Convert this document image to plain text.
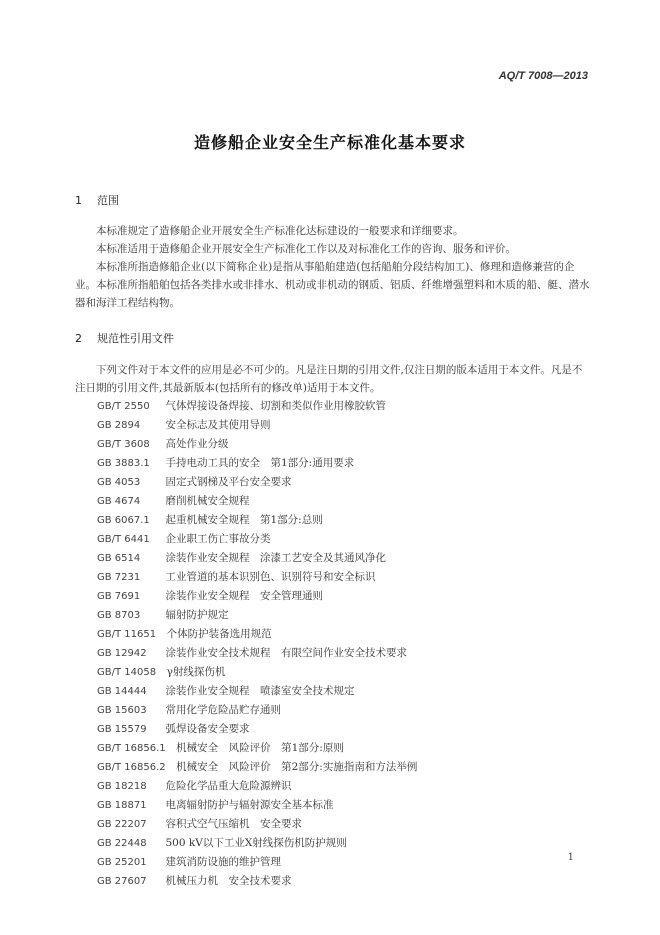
AQ/T 7008—2013
造修船企业安全生产标准化基本要求
1 范围

本标准规定了造修船企业开展安全生产标准化达标建设的一般要求和详细要求。

本标准适用于造修船企业开展安全生产标准化工作以及对标准化工作的咨询、服务和评价。

本标准所指造修船企业(以下简称企业)是指从事船舶建造(包括船舶分段结构加工)、修理和造修兼营的企业。本标准所指船舶包括各类排水或非排水、机动或非机动的钢质、铝质、纤维增强塑料和木质的船、艇、潜水器和海洋工程结构物。

2 规范性引用文件

下列文件对于本文件的应用是必不可少的。凡是注日期的引用文件,仅注日期的版本适用于本文件。凡是不注日期的引用文件,其最新版本(包括所有的修改单)适用于本文件。

GB/T 2550　 气体焊接设备焊接、切割和类似作业用橡胶软管
GB 2894　 安全标志及其使用导则
GB/T 3608　 高处作业分级
GB 3883.1　 手持电动工具的安全　第1部分:通用要求
GB 4053　 固定式钢梯及平台安全要求
GB 4674　 磨削机械安全规程
GB 6067.1　 起重机械安全规程　第1部分:总则
GB/T 6441　 企业职工伤亡事故分类
GB 6514　 涂装作业安全规程　涂漆工艺安全及其通风净化
GB 7231　 工业管道的基本识别色、识别符号和安全标识
GB 7691　 涂装作业安全规程　安全管理通则
GB 8703　 辐射防护规定
GB/T 11651　 个体防护装备选用规范
GB 12942　 涂装作业安全技术规程　有限空间作业安全技术要求
GB/T 14058　 γ射线探伤机
GB 14444　 涂装作业安全规程　喷漆室安全技术规定
GB 15603　 常用化学危险品贮存通则
GB 15579　 弧焊设备安全要求
GB/T 16856.1　 机械安全　风险评价　第1部分:原则
GB/T 16856.2　 机械安全　风险评价　第2部分:实施指南和方法举例
GB 18218　 危险化学品重大危险源辨识
GB 18871　 电离辐射防护与辐射源安全基本标准
GB 22207　 容积式空气压缩机　安全要求
GB 22448　 500 kV以下工业X射线探伤机防护规则
GB 25201　 建筑消防设施的维护管理
GB 27607　 机械压力机　安全技术要求
1
